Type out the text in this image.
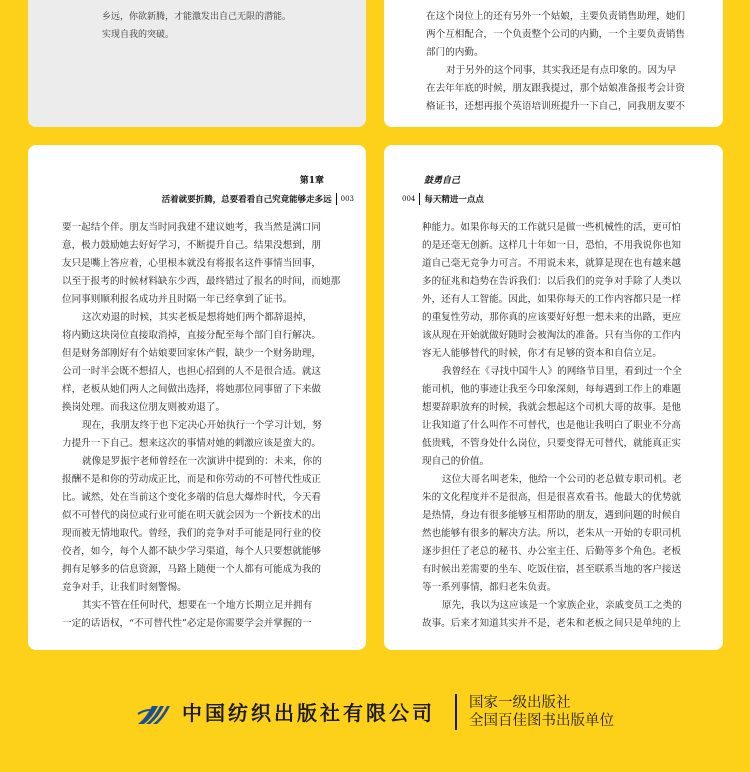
乡远，你欲新腾，才能激发出自己无限的潜能。

实现自我的突破。

在这个岗位上的还有另外一个姑娘，主要负责销售助理，她们

两个互相配合，一个负责整个公司的内勤，一个主要负责销售

部门的内勤。

对于另外的这个同事，其实我还是有点印象的。因为早

在去年年底的时候，朋友跟我提过，那个姑娘准备报考会计资

格证书，还想再报个英语培训班提升一下自己，同我朋友要不

第1章
活着就要折腾，总要看看自己究竟能够走多远	003

要一起结个伴。朋友当时同我建不建议她考，我当然是满口同

意，极力鼓励她去好好学习，不断提升自己。结果没想到，朋

友只是嘴上答应着，心里根本就没有将报名这件事情当回事，

以至于报考的时候材料缺东少西，最终错过了报名的时间，而她那

位同事则顺利报名成功并且时隔一年已经拿到了证书。

这次劝退的时候，其实老板是想将她们两个都辞退掉，

将内勤这块岗位直接取消掉，直接分配至每个部门自行解决。

但是财务部刚好有个姑娘要回家休产假，缺少一个财务助理，

公司一时半会既不想招人，也担心招到的人不是很合适。就这

样，老板从她们两人之间做出选择，将她那位同事留了下来做

换岗处理。而我这位朋友则被劝退了。

现在，我朋友终于也下定决心开始执行一个学习计划，努

力提升一下自己。想来这次的事情对她的刺激应该是蛮大的。

就像是罗振宇老师曾经在一次演讲中提到的：未来，你的

报酬不是和你的劳动成正比，而是和你劳动的不可替代性成正

比。诚然，处在当前这个变化多端的信息大爆炸时代，今天看

似不可替代的岗位或行业可能在明天就会因为一个新技术的出

现而被无情地取代。曾经，我们的竞争对手可能是同行业的佼

佼者，如今，每个人都不缺少学习渠道，每个人只要想就能够

拥有足够多的信息资源，马路上随便一个人都有可能成为我的

竞争对手，让我们时刻警惕。

其实不管在任何时代，想要在一个地方长期立足并拥有

一定的话语权，“不可替代性”必定是你需要学会并掌握的一

鼓勇自己
004	每天精进一点点

种能力。如果你每天的工作就只是做一些机械性的活，更可怕

的是还毫无创新。这样几十年如一日，恐怕，不用我说你也知

道自己毫无竞争力可言。不用说未来，就算是现在也有越来越

多的征兆和趋势在告诉我们：以后我们的竞争对手除了人类以

外，还有人工智能。因此，如果你每天的工作内容都只是一样

的重复性劳动，那你真的应该要好好想一想未来的出路，更应

该从现在开始就做好随时会被淘汰的准备。只有当你的工作内

容无人能够替代的时候，你才有足够的资本和自信立足。

我曾经在《寻找中国牛人》的网络节目里，看到过一个全

能司机，他的事迹让我至今印象深刻，每每遇到工作上的难题

想要辞职放弃的时候，我就会想起这个司机大哥的故事。是他

让我知道了什么叫作不可替代，也是他让我明白了职业不分高

低贵贱，不管身处什么岗位，只要变得无可替代，就能真正实

现自己的价值。

这位大哥名叫老朱，他给一个公司的老总做专职司机。老

朱的文化程度并不是很高，但是很喜欢看书。他最大的优势就

是热情，身边有很多能够互相帮助的朋友，遇到问题的时候自

然也能够有很多的解决方法。所以，老朱从一开始的专职司机

逐步担任了老总的秘书、办公室主任、后勤等多个角色。老板

有时候出差需要的坐车、吃饭住宿，甚至联系当地的客户接送

等一系列事情，都归老朱负责。

原先，我以为这应该是一个家族企业，亲戚变员工之类的

故事。后来才知道其实并不是，老朱和老板之间只是单纯的上

中国纺织出版社有限公司 国家一级出版社
全国百佳图书出版单位
